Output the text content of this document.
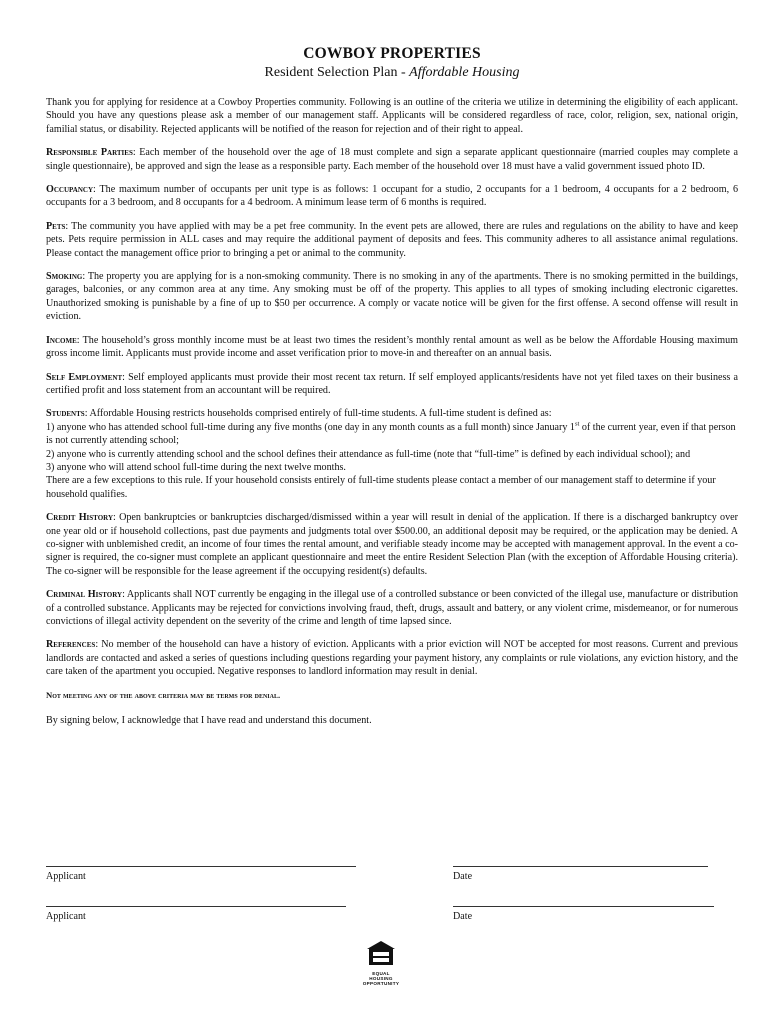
COWBOY PROPERTIES
Resident Selection Plan - Affordable Housing

Thank you for applying for residence at a Cowboy Properties community. Following is an outline of the criteria we utilize in determining the eligibility of each applicant. Should you have any questions please ask a member of our management staff. Applicants will be considered regardless of race, color, religion, sex, national origin, familial status, or disability. Rejected applicants will be notified of the reason for rejection and of their right to appeal.

Responsible Parties: Each member of the household over the age of 18 must complete and sign a separate applicant questionnaire (married couples may complete a single questionnaire), be approved and sign the lease as a responsible party. Each member of the household over 18 must have a valid government issued photo ID.

Occupancy: The maximum number of occupants per unit type is as follows: 1 occupant for a studio, 2 occupants for a 1 bedroom, 4 occupants for a 2 bedroom, 6 occupants for a 3 bedroom, and 8 occupants for a 4 bedroom. A minimum lease term of 6 months is required.

Pets: The community you have applied with may be a pet free community. In the event pets are allowed, there are rules and regulations on the ability to have and keep pets. Pets require permission in ALL cases and may require the additional payment of deposits and fees. This community adheres to all assistance animal regulations. Please contact the management office prior to bringing a pet or animal to the community.

Smoking: The property you are applying for is a non-smoking community. There is no smoking in any of the apartments. There is no smoking permitted in the buildings, garages, balconies, or any common area at any time. Any smoking must be off of the property. This applies to all types of smoking including electronic cigarettes. Unauthorized smoking is punishable by a fine of up to $50 per occurrence. A comply or vacate notice will be given for the first offense. A second offense will result in eviction.

Income: The household’s gross monthly income must be at least two times the resident’s monthly rental amount as well as be below the Affordable Housing maximum gross income limit. Applicants must provide income and asset verification prior to move-in and thereafter on an annual basis.

Self Employment: Self employed applicants must provide their most recent tax return. If self employed applicants/residents have not yet filed taxes on their business a certified profit and loss statement from an accountant will be required.

Students: Affordable Housing restricts households comprised entirely of full-time students. A full-time student is defined as:
1) anyone who has attended school full-time during any five months (one day in any month counts as a full month) since January 1st of the current year, even if that person is not currently attending school;
2) anyone who is currently attending school and the school defines their attendance as full-time (note that “full-time” is defined by each individual school); and
3) anyone who will attend school full-time during the next twelve months.
There are a few exceptions to this rule. If your household consists entirely of full-time students please contact a member of our management staff to determine if your household qualifies.

Credit History: Open bankruptcies or bankruptcies discharged/dismissed within a year will result in denial of the application. If there is a discharged bankruptcy over one year old or if household collections, past due payments and judgments total over $500.00, an additional deposit may be required, or the application may be denied. A co-signer with unblemished credit, an income of four times the rental amount, and verifiable steady income may be accepted with management approval. In the event a co-signer is required, the co-signer must complete an applicant questionnaire and meet the entire Resident Selection Plan (with the exception of Affordable Housing criteria). The co-signer will be responsible for the lease agreement if the occupying resident(s) defaults.

Criminal History: Applicants shall NOT currently be engaging in the illegal use of a controlled substance or been convicted of the illegal use, manufacture or distribution of a controlled substance. Applicants may be rejected for convictions involving fraud, theft, drugs, assault and battery, or any violent crime, misdemeanor, or for numerous convictions of illegal activity dependent on the severity of the crime and length of time lapsed since.

References: No member of the household can have a history of eviction. Applicants with a prior eviction will NOT be accepted for most reasons. Current and previous landlords are contacted and asked a series of questions including questions regarding your payment history, any complaints or rule violations, any eviction history, and the care taken of the apartment you occupied. Negative responses to landlord information may result in denial.

Not meeting any of the above criteria may be terms for denial.

By signing below, I acknowledge that I have read and understand this document.

Applicant	Date
Applicant	Date
EQUAL HOUSING
OPPORTUNITY
